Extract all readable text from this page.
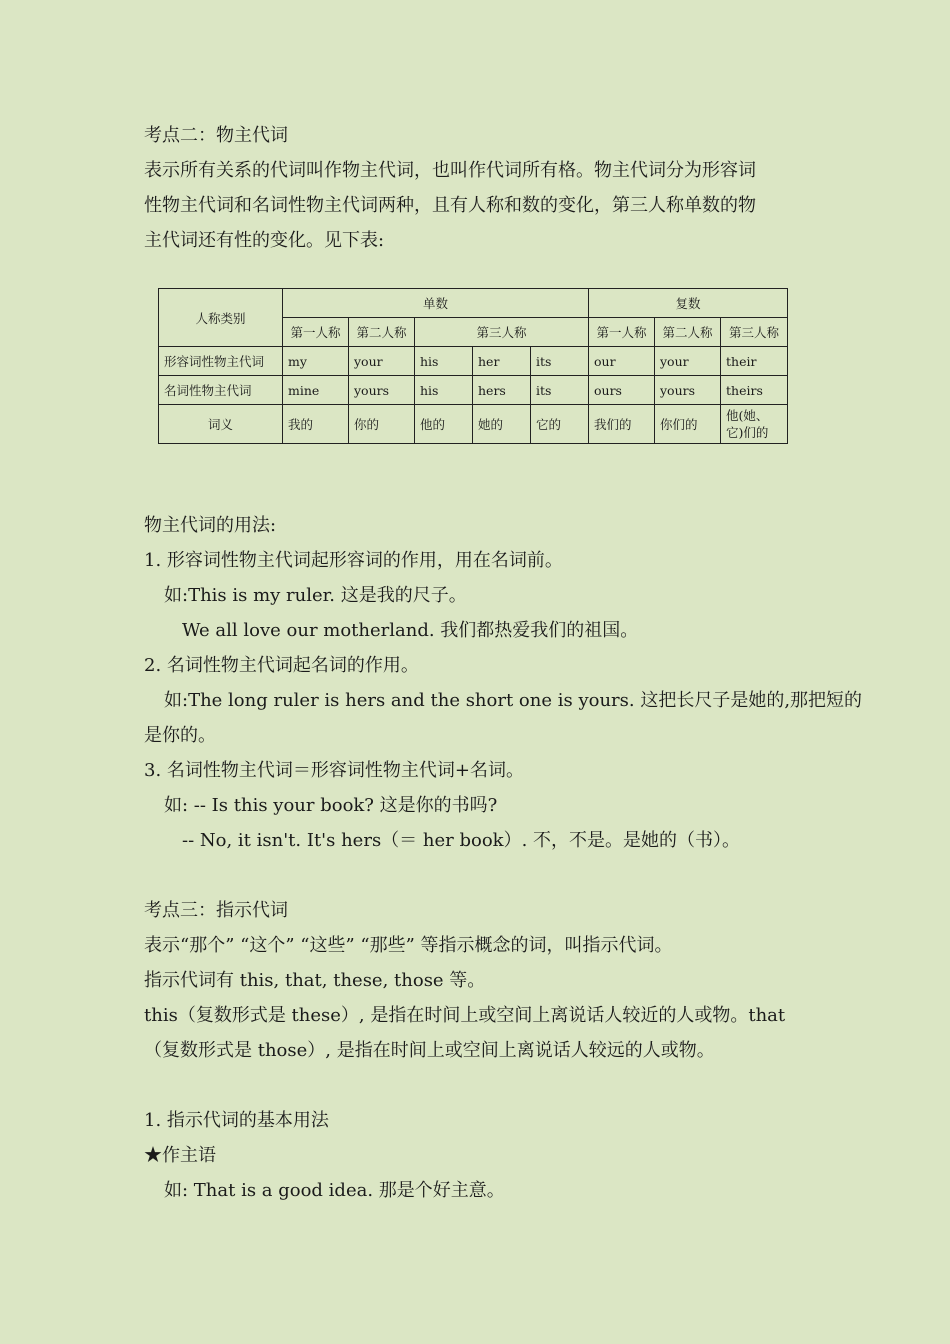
考点二：物主代词
表示所有关系的代词叫作物主代词，也叫作代词所有格。物主代词分为形容词
性物主代词和名词性物主代词两种，且有人称和数的变化，第三人称单数的物
主代词还有性的变化。见下表:
人称类别	单数					复数		
	第一人称	第二人称	第三人称			第一人称	第二人称	第三人称
形容词性物主代词	my	your	his	her	its	our	your	their
名词性物主代词	mine	yours	his	hers	its	ours	yours	theirs
词义	我的	你的	他的	她的	它的	我们的	你们的	他(她、它)们的
物主代词的用法:
1. 形容词性物主代词起形容词的作用，用在名词前。
如:This is my ruler. 这是我的尺子。
We all love our motherland. 我们都热爱我们的祖国。
2. 名词性物主代词起名词的作用。
如:The long ruler is hers and the short one is yours. 这把长尺子是她的,那把短的
是你的。
3. 名词性物主代词＝形容词性物主代词+名词。
如: -- Is this your book? 这是你的书吗?
-- No, it isn't. It's hers（＝ her book）. 不，不是。是她的（书）。
考点三：指示代词
表示“那个” “这个” “这些” “那些” 等指示概念的词，叫指示代词。
指示代词有 this, that, these, those 等。
this（复数形式是 these）, 是指在时间上或空间上离说话人较近的人或物。that
（复数形式是 those）, 是指在时间上或空间上离说话人较远的人或物。
1. 指示代词的基本用法
★作主语
如: That is a good idea. 那是个好主意。
